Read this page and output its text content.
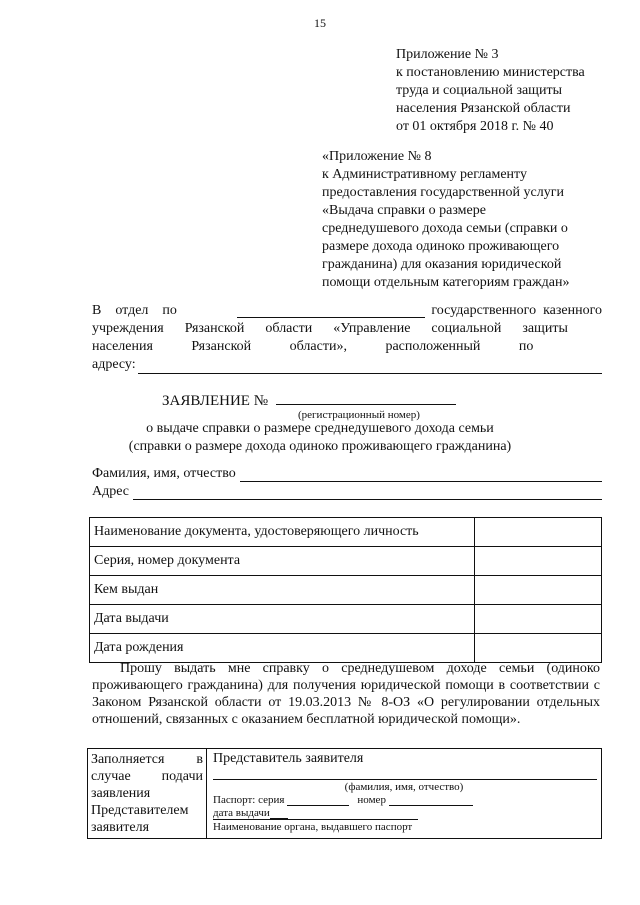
15
Приложение № 3
к постановлению министерства
труда и социальной защиты
населения Рязанской области
от 01 октября 2018 г. № 40
«Приложение № 8
к Административному регламенту
предоставления государственной услуги
«Выдача справки о размере
среднедушевого дохода семьи (справки о
размере дохода одиноко проживающего
гражданина) для оказания юридической
помощи отдельным категориям граждан»
В    отдел    по	государственного  казенного
учреждения      Рязанской      области      «Управление      социальной      защиты
населения           Рязанской           области»,           расположенный           по
адресу:
ЗАЯВЛЕНИЕ №
(регистрационный номер)
о выдаче справки о размере среднедушевого дохода семьи
(справки о размере дохода одиноко проживающего гражданина)
Фамилия, имя, отчество
Адрес
Наименование документа, удостоверяющего личность	
Серия, номер документа	
Кем выдан	
Дата выдачи	
Дата рождения	
Прошу выдать мне справку о среднедушевом доходе семьи (одиноко проживающего гражданина) для получения юридической помощи в соответствии с Законом Рязанской области от 19.03.2013 № 8-ОЗ «О регулировании отдельных отношений, связанных с оказанием бесплатной юридической помощи».
Заполняется в случае подачи заявления Представителем заявителя	
Представитель заявителя
(фамилия, имя, отчество)
Паспорт: серия	номер
дата выдачи
Наименование органа, выдавшего паспорт
